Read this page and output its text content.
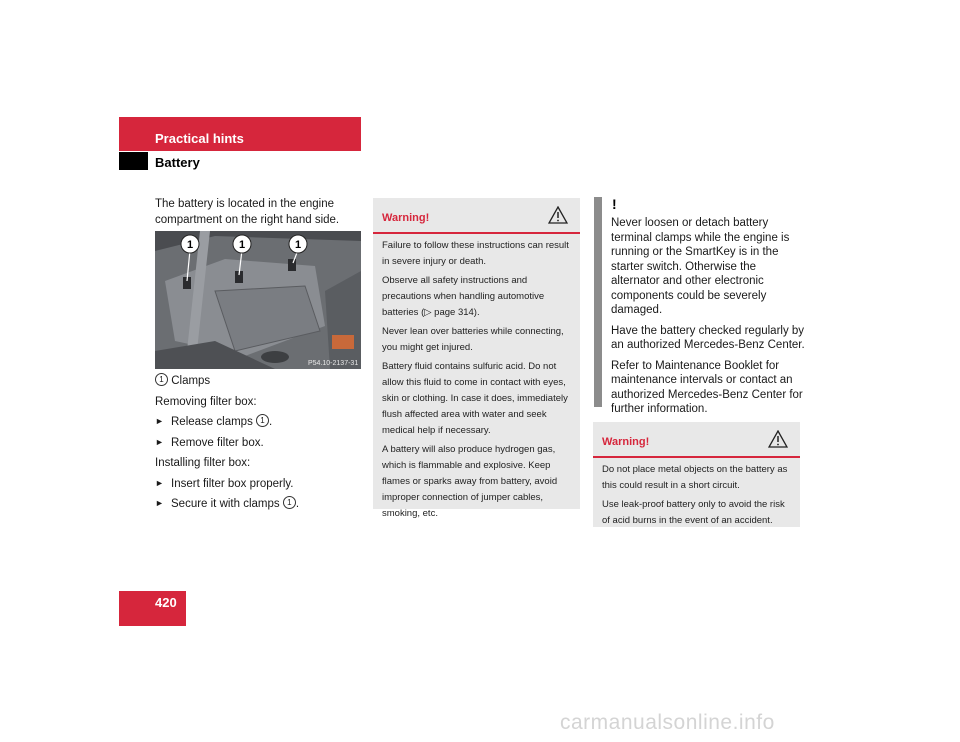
Practical hints
Battery

The battery is located in the engine compartment on the right hand side.

1	1	1
P54.10-2137-31
1 Clamps
Removing filter box:
► Release clamps 1 .
► Remove filter box.
Installing filter box:
► Insert filter box properly.
► Secure it with clamps 1 .
Warning!

Failure to follow these instructions can result in severe injury or death.

Observe all safety instructions and precautions when handling automotive batteries (▷ page 314).

Never lean over batteries while connecting, you might get injured.

Battery fluid contains sulfuric acid. Do not allow this fluid to come in contact with eyes, skin or clothing. In case it does, immediately flush affected area with water and seek medical help if necessary.

A battery will also produce hydrogen gas, which is flammable and explosive. Keep flames or sparks away from battery, avoid improper connection of jumper cables, smoking, etc.

!

Never loosen or detach battery terminal clamps while the engine is running or the SmartKey is in the starter switch. Otherwise the alternator and other electronic components could be severely damaged.

Have the battery checked regularly by an authorized Mercedes-Benz Center.

Refer to Maintenance Booklet for maintenance intervals or contact an authorized Mercedes-Benz Center for further information.

Warning!

Do not place metal objects on the battery as this could result in a short circuit.

Use leak-proof battery only to avoid the risk of acid burns in the event of an accident.

420
carmanualsonline.info
